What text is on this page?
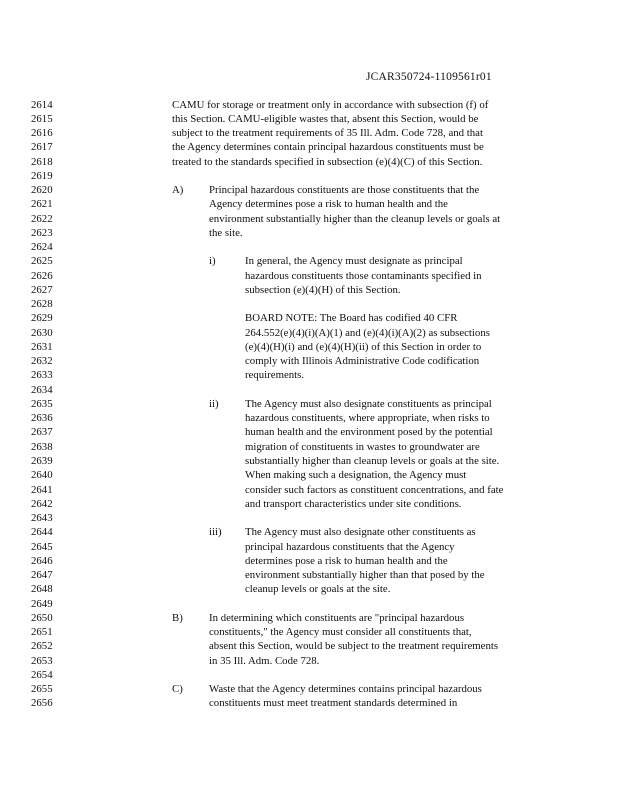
JCAR350724-1109561r01
2614	CAMU for storage or treatment only in accordance with subsection (f) of
2615	this Section. CAMU-eligible wastes that, absent this Section, would be
2616	subject to the treatment requirements of 35 Ill. Adm. Code 728, and that
2617	the Agency determines contain principal hazardous constituents must be
2618	treated to the standards specified in subsection (e)(4)(C) of this Section.
2619
2620	A) Principal hazardous constituents are those constituents that the
2621	Agency determines pose a risk to human health and the
2622	environment substantially higher than the cleanup levels or goals at
2623	the site.
2624
2625	i)	In general, the Agency must designate as principal
2626	hazardous constituents those contaminants specified in
2627	subsection (e)(4)(H) of this Section.
2628
2629	BOARD NOTE: The Board has codified 40 CFR
2630	264.552(e)(4)(i)(A)(1) and (e)(4)(i)(A)(2) as subsections
2631	(e)(4)(H)(i) and (e)(4)(H)(ii) of this Section in order to
2632	comply with Illinois Administrative Code codification
2633	requirements.
2634
2635	ii) The Agency must also designate constituents as principal
2636	hazardous constituents, where appropriate, when risks to
2637	human health and the environment posed by the potential
2638	migration of constituents in wastes to groundwater are
2639	substantially higher than cleanup levels or goals at the site.
2640	When making such a designation, the Agency must
2641	consider such factors as constituent concentrations, and fate
2642	and transport characteristics under site conditions.
2643
2644	iii) The Agency must also designate other constituents as
2645	principal hazardous constituents that the Agency
2646	determines pose a risk to human health and the
2647	environment substantially higher than that posed by the
2648	cleanup levels or goals at the site.
2649
2650	B) In determining which constituents are "principal hazardous
2651	constituents," the Agency must consider all constituents that,
2652	absent this Section, would be subject to the treatment requirements
2653	in 35 Ill. Adm. Code 728.
2654
2655	C) Waste that the Agency determines contains principal hazardous
2656	constituents must meet treatment standards determined in
